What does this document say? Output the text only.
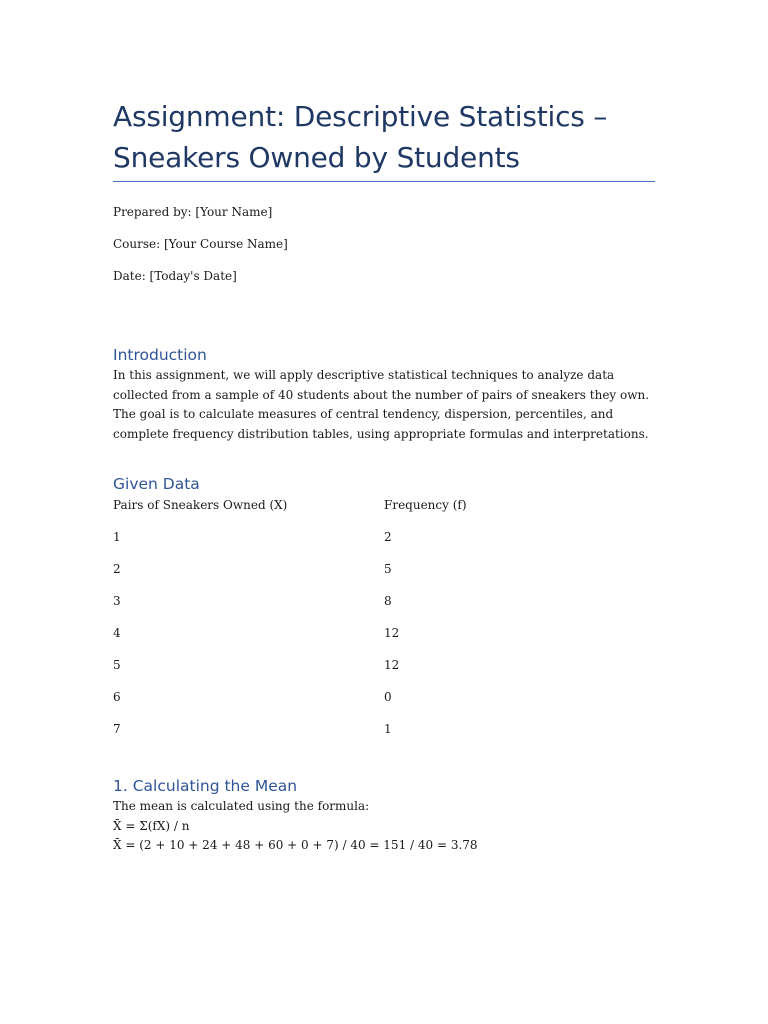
Assignment: Descriptive Statistics –
Sneakers Owned by Students

Prepared by: [Your Name]

Course: [Your Course Name]

Date: [Today's Date]

Introduction

In this assignment, we will apply descriptive statistical techniques to analyze data collected from a sample of 40 students about the number of pairs of sneakers they own. The goal is to calculate measures of central tendency, dispersion, percentiles, and complete frequency distribution tables, using appropriate formulas and interpretations.

Given Data
Pairs of Sneakers Owned (X)	Frequency (f)
1	2
2	5
3	8
4	12
5	12
6	0
7	1
1. Calculating the Mean

The mean is calculated using the formula:

X̄ = Σ(fX) / n

X̄ = (2 + 10 + 24 + 48 + 60 + 0 + 7) / 40 = 151 / 40 = 3.78
